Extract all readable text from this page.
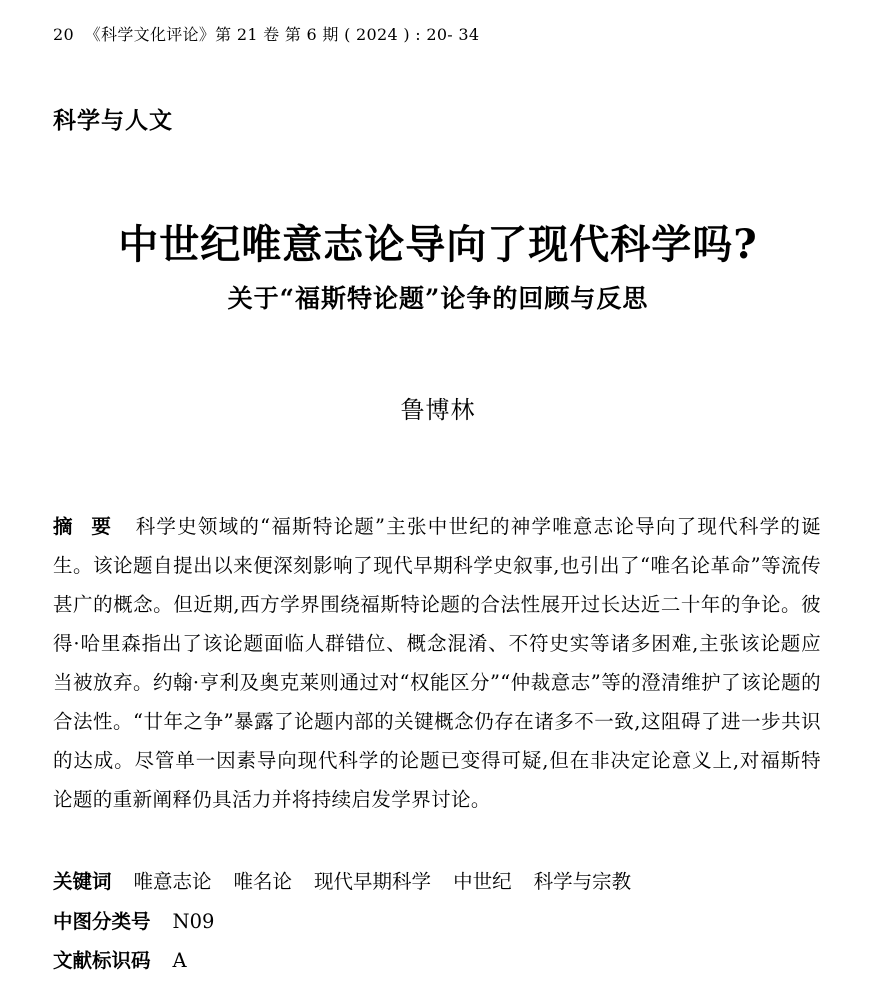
20 《科学文化评论》第 21 卷 第 6 期 ( 2024 ) : 20- 34
科学与人文
中世纪唯意志论导向了现代科学吗?
关于“福斯特论题”论争的回顾与反思
鲁博林
摘要 科学史领域的“福斯特论题”主张中世纪的神学唯意志论导向了现代科学的诞生。该论题自提出以来便深刻影响了现代早期科学史叙事,也引出了“唯名论革命”等流传甚广的概念。但近期,西方学界围绕福斯特论题的合法性展开过长达近二十年的争论。彼得·哈里森指出了该论题面临人群错位、概念混淆、不符史实等诸多困难,主张该论题应当被放弃。约翰·亨利及奥克莱则通过对“权能区分”“仲裁意志”等的澄清维护了该论题的合法性。“廿年之争”暴露了论题内部的关键概念仍存在诸多不一致,这阻碍了进一步共识的达成。尽管单一因素导向现代科学的论题已变得可疑,但在非决定论意义上,对福斯特论题的重新阐释仍具活力并将持续启发学界讨论。
关键词 唯意志论 唯名论 现代早期科学 中世纪 科学与宗教
中图分类号 N09
文献标识码 A
